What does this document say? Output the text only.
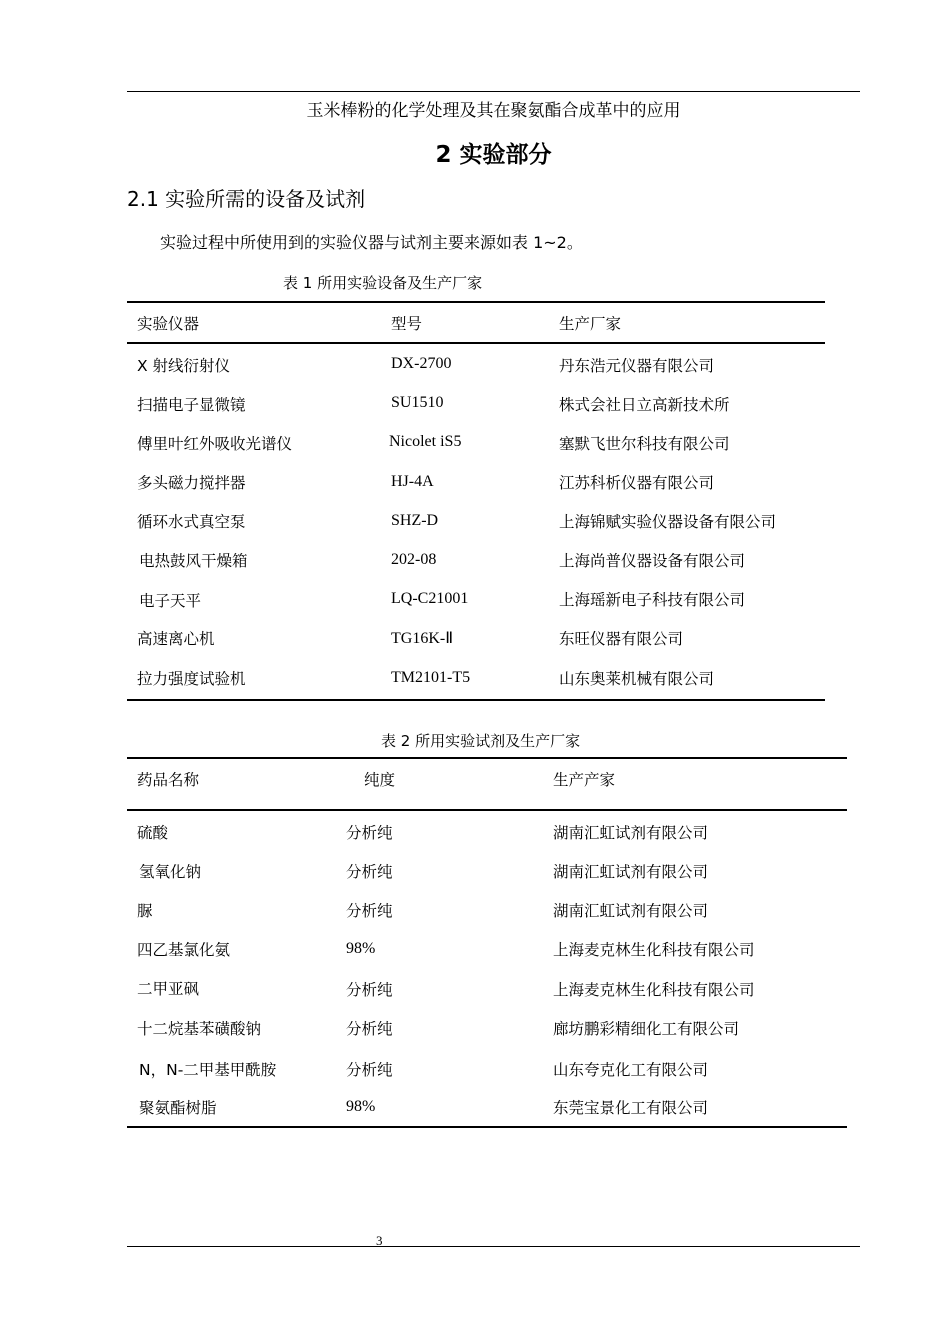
玉米棒粉的化学处理及其在聚氨酯合成革中的应用
2 实验部分
2.1 实验所需的设备及试剂
实验过程中所使用到的实验仪器与试剂主要来源如表 1~2。
表 1 所用实验设备及生产厂家
实验仪器	型号	生产厂家
X 射线衍射仪	DX-2700	丹东浩元仪器有限公司
扫描电子显微镜	SU1510	株式会社日立高新技术所
傅里叶红外吸收光谱仪	Nicolet iS5	塞默飞世尔科技有限公司
多头磁力搅拌器	HJ-4A	江苏科析仪器有限公司
循环水式真空泵	SHZ-D	上海锦赋实验仪器设备有限公司
电热鼓风干燥箱	202-08	上海尚普仪器设备有限公司
电子天平	LQ-C21001	上海瑶新电子科技有限公司
高速离心机	TG16K-Ⅱ	东旺仪器有限公司
拉力强度试验机	TM2101-T5	山东奥莱机械有限公司
表 2 所用实验试剂及生产厂家
药品名称	纯度	生产产家
硫酸	分析纯	湖南汇虹试剂有限公司
氢氧化钠	分析纯	湖南汇虹试剂有限公司
脲	分析纯	湖南汇虹试剂有限公司
四乙基氯化氨	98%	上海麦克林生化科技有限公司
二甲亚砜	分析纯	上海麦克林生化科技有限公司
十二烷基苯磺酸钠	分析纯	廊坊鹏彩精细化工有限公司
N，N-二甲基甲酰胺	分析纯	山东夸克化工有限公司
聚氨酯树脂	98%	东莞宝景化工有限公司
3
